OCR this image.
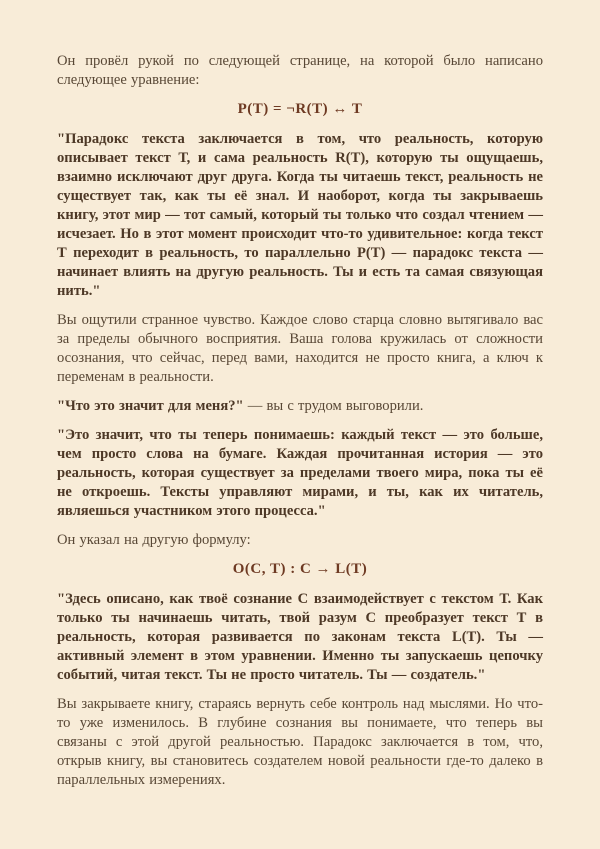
Он провёл рукой по следующей странице, на которой было написано следующее уравнение:

P(T) = ¬R(T) ↔ T

"Парадокс текста заключается в том, что реальность, которую описывает текст Т, и сама реальность R(T), которую ты ощущаешь, взаимно исключают друг друга. Когда ты читаешь текст, реальность не существует так, как ты её знал. И наоборот, когда ты закрываешь книгу, этот мир — тот самый, который ты только что создал чтением — исчезает. Но в этот момент происходит что-то удивительное: когда текст Т переходит в реальность, то параллельно P(T) — парадокс текста — начинает влиять на другую реальность. Ты и есть та самая связующая нить."

Вы ощутили странное чувство. Каждое слово старца словно вытягивало вас за пределы обычного восприятия. Ваша голова кружилась от сложности осознания, что сейчас, перед вами, находится не просто книга, а ключ к переменам в реальности.

"Что это значит для меня?" — вы с трудом выговорили.

"Это значит, что ты теперь понимаешь: каждый текст — это больше, чем просто слова на бумаге. Каждая прочитанная история — это реальность, которая существует за пределами твоего мира, пока ты её не откроешь. Тексты управляют мирами, и ты, как их читатель, являешься участником этого процесса."

Он указал на другую формулу:

O(C, T) : C → L(T)

"Здесь описано, как твоё сознание С взаимодействует с текстом Т. Как только ты начинаешь читать, твой разум С преобразует текст Т в реальность, которая развивается по законам текста L(T). Ты — активный элемент в этом уравнении. Именно ты запускаешь цепочку событий, читая текст. Ты не просто читатель. Ты — создатель."

Вы закрываете книгу, стараясь вернуть себе контроль над мыслями. Но что-то уже изменилось. В глубине сознания вы понимаете, что теперь вы связаны с этой другой реальностью. Парадокс заключается в том, что, открыв книгу, вы становитесь создателем новой реальности где-то далеко в параллельных измерениях.
